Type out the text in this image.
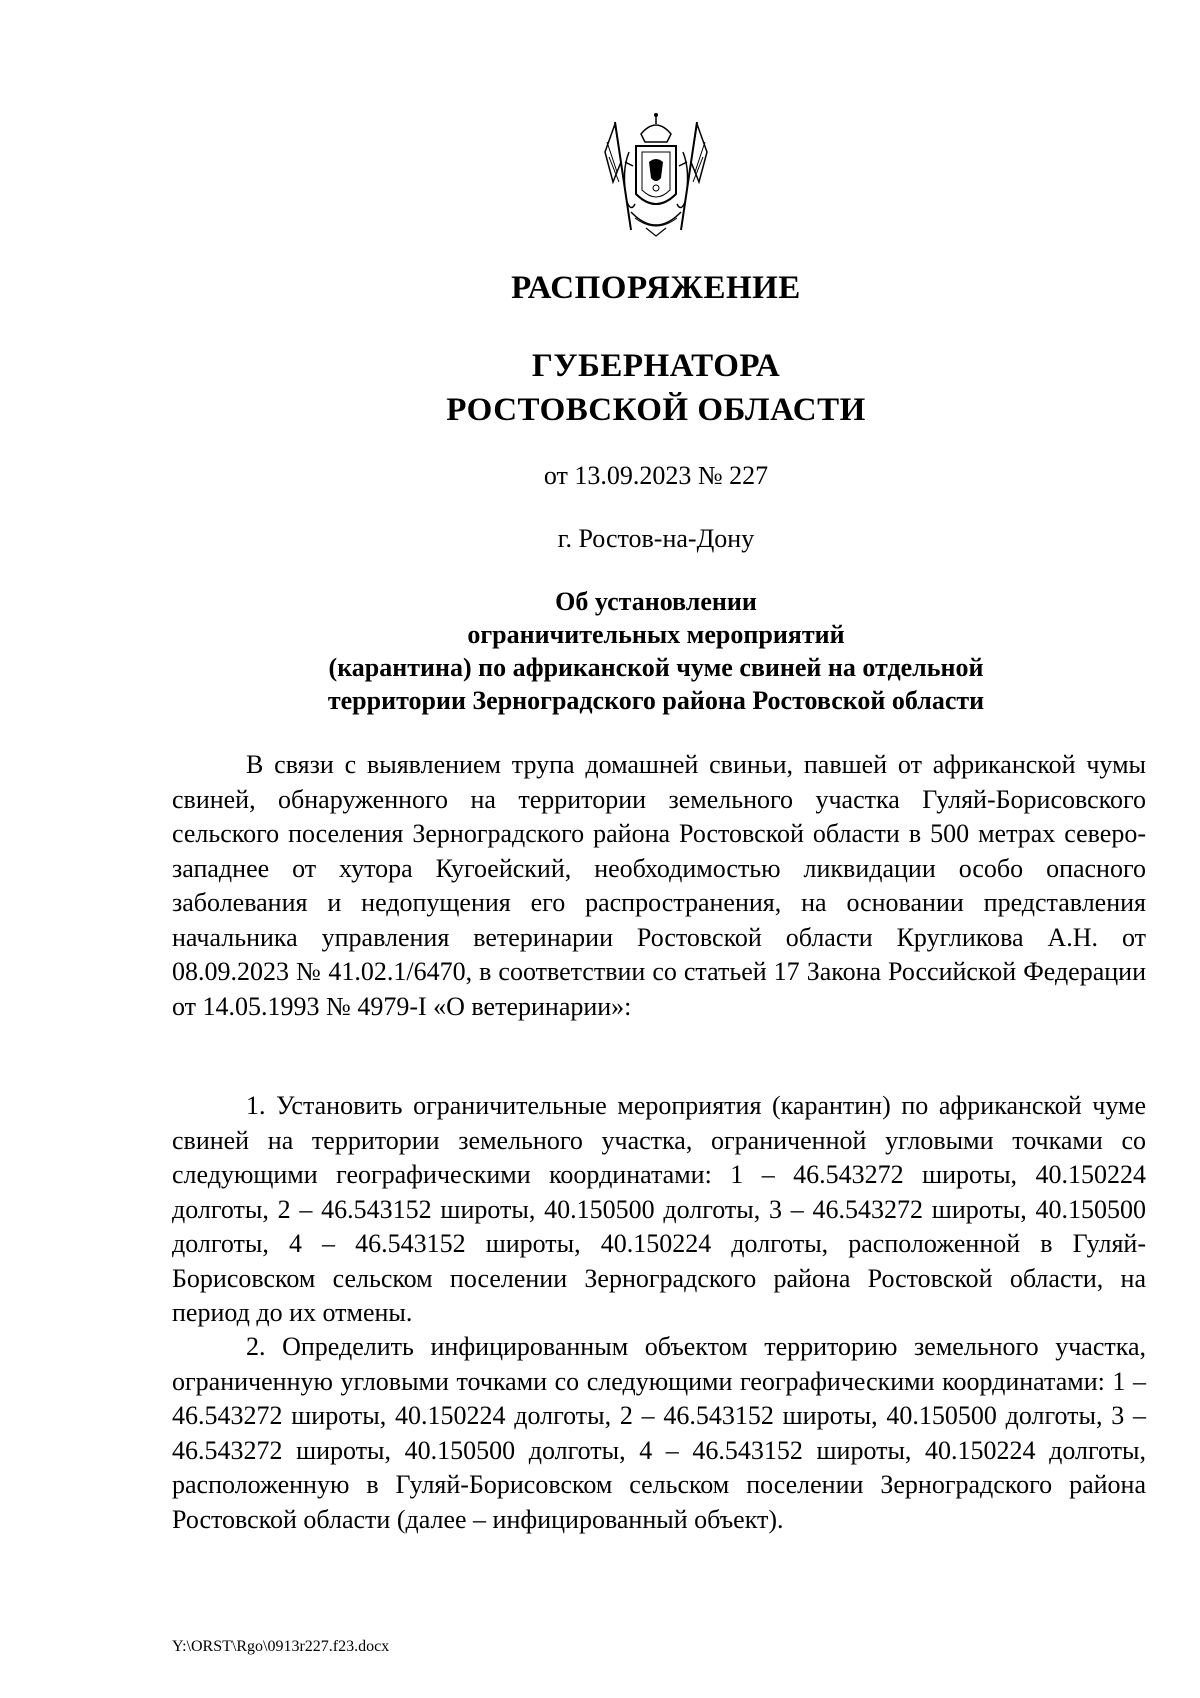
РАСПОРЯЖЕНИЕ
ГУБЕРНАТОРА
РОСТОВСКОЙ ОБЛАСТИ
от 13.09.2023 № 227
г. Ростов-на-Дону
Об установлении
ограничительных мероприятий
(карантина) по африканской чуме свиней на отдельной
территории Зерноградского района Ростовской области

В связи с выявлением трупа домашней свиньи, павшей от африканской чумы свиней, обнаруженного на территории земельного участка Гуляй-Борисовского сельского поселения Зерноградского района Ростовской области в 500 метрах северо-западнее от хутора Кугоейский, необходимостью ликвидации особо опасного заболевания и недопущения его распространения, на основании представления начальника управления ветеринарии Ростовской области Кругликова А.Н. от 08.09.2023 № 41.02.1/6470, в соответствии со статьей 17 Закона Российской Федерации от 14.05.1993 № 4979-I «О ветеринарии»:

1. Установить ограничительные мероприятия (карантин) по африканской чуме свиней на территории земельного участка, ограниченной угловыми точками со следующими географическими координатами: 1 – 46.543272 широты, 40.150224 долготы, 2 – 46.543152 широты, 40.150500 долготы, 3 – 46.543272 широты, 40.150500 долготы, 4 – 46.543152 широты, 40.150224 долготы, расположенной в Гуляй-Борисовском сельском поселении Зерноградского района Ростовской области, на период до их отмены.

2. Определить инфицированным объектом территорию земельного участка, ограниченную угловыми точками со следующими географическими координатами: 1 – 46.543272 широты, 40.150224 долготы, 2 – 46.543152 широты, 40.150500 долготы, 3 – 46.543272 широты, 40.150500 долготы, 4 – 46.543152 широты, 40.150224 долготы, расположенную в Гуляй-Борисовском сельском поселении Зерноградского района Ростовской области (далее – инфицированный объект).

Y:\ORST\Rgo\0913r227.f23.docx
